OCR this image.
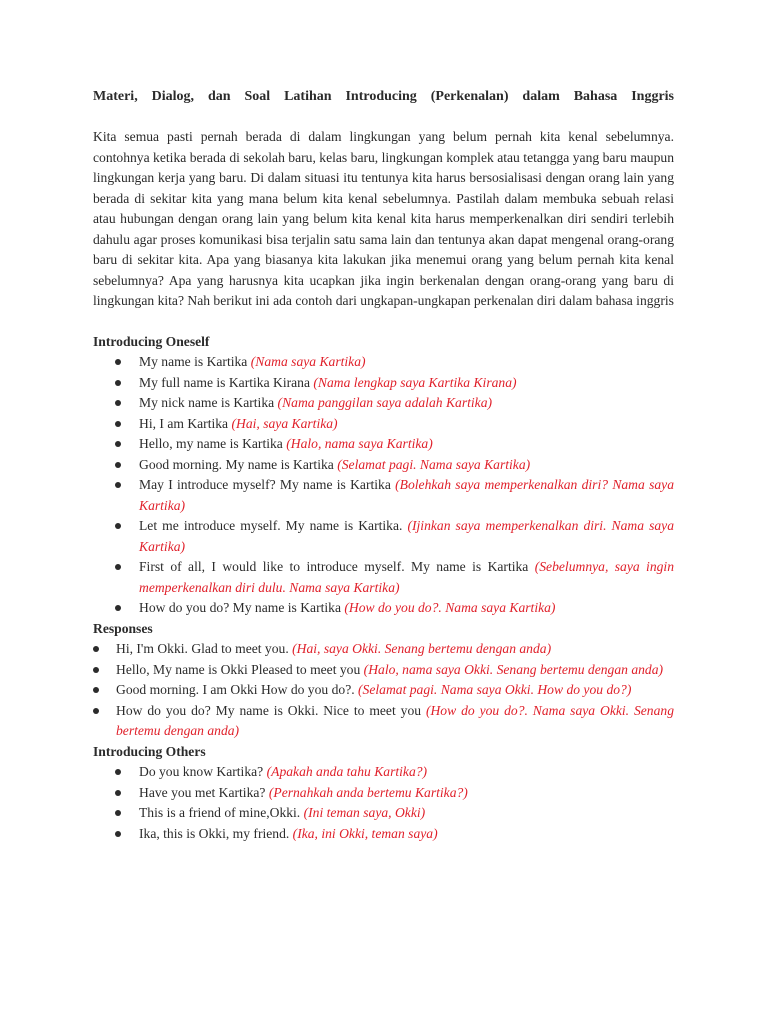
Materi, Dialog, dan Soal Latihan Introducing (Perkenalan) dalam Bahasa Inggris

Kita semua pasti pernah berada di dalam lingkungan yang belum pernah kita kenal sebelumnya. contohnya ketika berada di sekolah baru, kelas baru, lingkungan komplek atau tetangga yang baru maupun lingkungan kerja yang baru. Di dalam situasi itu tentunya kita harus bersosialisasi dengan orang lain yang berada di sekitar kita yang mana belum kita kenal sebelumnya. Pastilah dalam membuka sebuah relasi atau hubungan dengan orang lain yang belum kita kenal kita harus memperkenalkan diri sendiri terlebih dahulu agar proses komunikasi bisa terjalin satu sama lain dan tentunya akan dapat mengenal orang-orang baru di sekitar kita. Apa yang biasanya kita lakukan jika menemui orang yang belum pernah kita kenal sebelumnya? Apa yang harusnya kita ucapkan jika ingin berkenalan dengan orang-orang yang baru di lingkungan kita? Nah berikut ini ada contoh dari ungkapan-ungkapan perkenalan diri dalam bahasa inggris

Introducing Oneself

My name is Kartika (Nama saya Kartika)
My full name is Kartika Kirana (Nama lengkap saya Kartika Kirana)
My nick name is Kartika (Nama panggilan saya adalah Kartika)
Hi, I am Kartika (Hai, saya Kartika)
Hello, my name is Kartika (Halo, nama saya Kartika)
Good morning. My name is Kartika (Selamat pagi. Nama saya Kartika)
May I introduce myself? My name is Kartika (Bolehkah saya memperkenalkan diri? Nama saya Kartika)
Let me introduce myself. My name is Kartika. (Ijinkan saya memperkenalkan diri. Nama saya Kartika)
First of all, I would like to introduce myself. My name is Kartika (Sebelumnya, saya ingin memperkenalkan diri dulu. Nama saya Kartika)
How do you do? My name is Kartika (How do you do?. Nama saya Kartika)

Responses

Hi, I'm Okki. Glad to meet you. (Hai, saya Okki. Senang bertemu dengan anda)
Hello, My name is Okki Pleased to meet you (Halo, nama saya Okki. Senang bertemu dengan anda)
Good morning. I am Okki How do you do?. (Selamat pagi. Nama saya Okki. How do you do?)
How do you do? My name is Okki. Nice to meet you (How do you do?. Nama saya Okki. Senang bertemu dengan anda)

Introducing Others

Do you know Kartika? (Apakah anda tahu Kartika?)
Have you met Kartika? (Pernahkah anda bertemu Kartika?)
This is a friend of mine,Okki. (Ini teman saya, Okki)
Ika, this is Okki, my friend. (Ika, ini Okki, teman saya)
